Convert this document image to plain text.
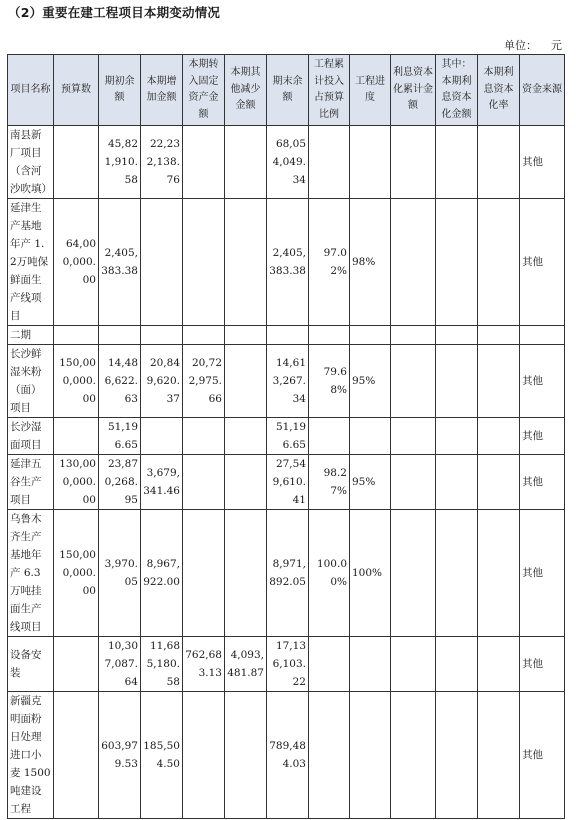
（2）重要在建工程项目本期变动情况
单位： 元
项目名称	预算数	期初余额	本期增加金额	本期转入固定资产金额	本期其他减少金额	期末余额	工程累计投入占预算比例	工程进度	利息资本化累计金额	其中：本期利息资本化金额	本期利息资本化率	资金来源
南县新厂项目（含河沙吹填）		45,821,910.58	22,232,138.76			68,054,049.34						其他
延津生产基地年产 1.2万吨保鲜面生产线项目	64,000,000.00	2,405,383.38				2,405,383.38	97.02%	98%				其他
二期												
长沙鲜湿米粉（面）项目	150,000,000.00	14,486,622.63	20,849,620.37	20,722,975.66		14,613,267.34	79.68%	95%				其他
长沙湿面项目		51,196.65				51,196.65						其他
延津五谷生产项目	130,000,000.00	23,870,268.95	3,679,341.46			27,549,610.41	98.27%	95%				其他
乌鲁木齐生产基地年产 6.3 万吨挂面生产线项目	150,000,000.00	3,970.05	8,967,922.00			8,971,892.05	100.00%	100%				其他
设备安装		10,307,087.64	11,685,180.58	762,683.13	4,093,481.87	17,136,103.22						其他
新疆克明面粉日处理进口小麦 1500吨建设工程		603,979.53	185,504.50			789,484.03						其他
